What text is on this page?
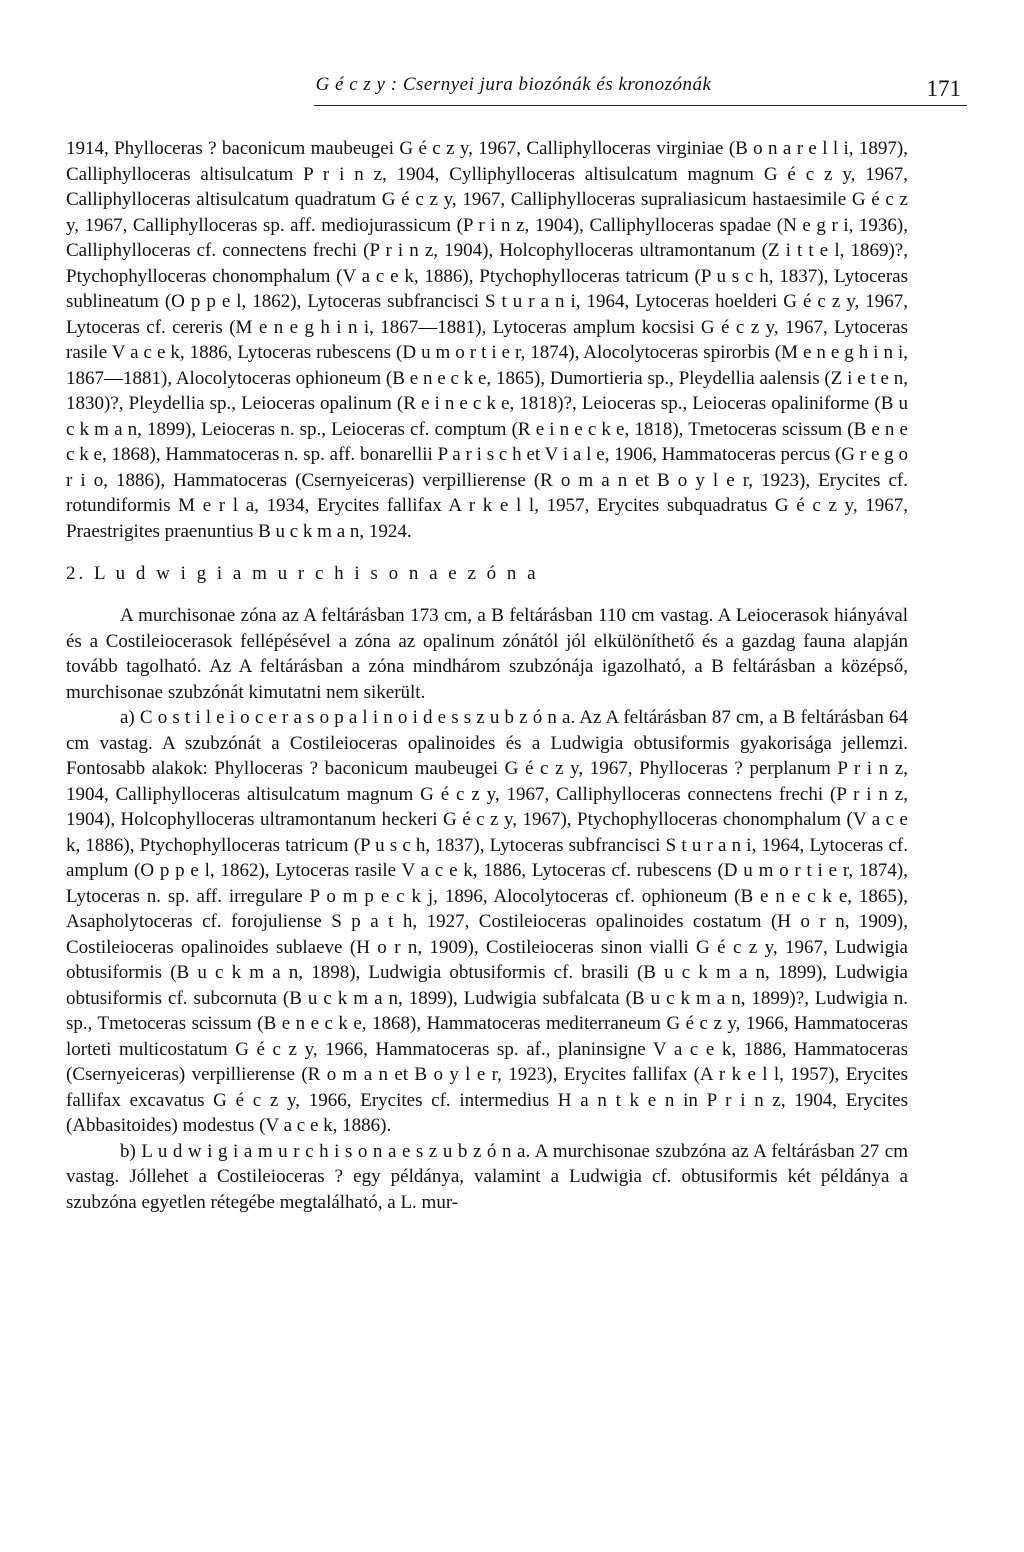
G é c z y : Csernyei jura biozónák és kronozónák	171

1914, Phylloceras ? baconicum maubeugei G é c z y, 1967, Calliphylloceras virginiae (B o n a r e l l i, 1897), Calliphylloceras altisulcatum P r i n z, 1904, Cylliphylloceras altisulcatum magnum G é c z y, 1967, Calliphylloceras altisulcatum quadratum G é c z y, 1967, Calliphylloceras supraliasicum hastaesimile G é c z y, 1967, Calliphylloceras sp. aff. mediojurassicum (P r i n z, 1904), Calliphylloceras spadae (N e g r i, 1936), Calliphylloceras cf. connectens frechi (P r i n z, 1904), Holcophylloceras ultramontanum (Z i t t e l, 1869)?, Ptychophylloceras chonomphalum (V a c e k, 1886), Ptychophylloceras tatricum (P u s c h, 1837), Lytoceras sublineatum (O p p e l, 1862), Lytoceras subfrancisci S t u r a n i, 1964, Lytoceras hoelderi G é c z y, 1967, Lytoceras cf. cereris (M e n e g h i n i, 1867—1881), Lytoceras amplum kocsisi G é c z y, 1967, Lytoceras rasile V a c e k, 1886, Lytoceras rubescens (D u m o r t i e r, 1874), Alocolytoceras spirorbis (M e n e g h i n i, 1867—1881), Alocolytoceras ophioneum (B e n e c k e, 1865), Dumortieria sp., Pleydellia aalensis (Z i e t e n, 1830)?, Pleydellia sp., Leioceras opalinum (R e i n e c k e, 1818)?, Leioceras sp., Leioceras opaliniforme (B u c k m a n, 1899), Leioceras n. sp., Leioceras cf. comptum (R e i n e c k e, 1818), Tmetoceras scissum (B e n e c k e, 1868), Hammatoceras n. sp. aff. bonarellii P a r i s c h et V i a l e, 1906, Hammatoceras percus (G r e g o r i o, 1886), Hammatoceras (Csernyeiceras) verpillierense (R o m a n et B o y l e r, 1923), Erycites cf. rotundiformis M e r l a, 1934, Erycites fallifax A r k e l l, 1957, Erycites subquadratus G é c z y, 1967, Praestrigites praenuntius B u c k m a n, 1924.

2. L u d w i g i a m u r c h i s o n a e z ó n a

A murchisonae zóna az A feltárásban 173 cm, a B feltárásban 110 cm vastag. A Leiocerasok hiányával és a Costileiocerasok fellépésével a zóna az opalinum zónától jól elkülöníthető és a gazdag fauna alapján tovább tagolható. Az A feltárásban a zóna mindhárom szubzónája igazolható, a B feltárásban a középső, murchisonae szubzónát kimutatni nem sikerült.

a) C o s t i l e i o c e r a s o p a l i n o i d e s s z u b z ó n a. Az A feltárásban 87 cm, a B feltárásban 64 cm vastag. A szubzónát a Costileioceras opalinoides és a Ludwigia obtusiformis gyakorisága jellemzi. Fontosabb alakok: Phylloceras ? baconicum maubeugei G é c z y, 1967, Phylloceras ? perplanum P r i n z, 1904, Calliphylloceras altisulcatum magnum G é c z y, 1967, Calliphylloceras connectens frechi (P r i n z, 1904), Holcophylloceras ultramontanum heckeri G é c z y, 1967), Ptychophylloceras chonomphalum (V a c e k, 1886), Ptychophylloceras tatricum (P u s c h, 1837), Lytoceras subfrancisci S t u r a n i, 1964, Lytoceras cf. amplum (O p p e l, 1862), Lytoceras rasile V a c e k, 1886, Lytoceras cf. rubescens (D u m o r t i e r, 1874), Lytoceras n. sp. aff. irregulare P o m p e c k j, 1896, Alocolytoceras cf. ophioneum (B e n e c k e, 1865), Asapholytoceras cf. forojuliense S p a t h, 1927, Costileioceras opalinoides costatum (H o r n, 1909), Costileioceras opalinoides sublaeve (H o r n, 1909), Costileioceras sinon vialli G é c z y, 1967, Ludwigia obtusiformis (B u c k m a n, 1898), Ludwigia obtusiformis cf. brasili (B u c k m a n, 1899), Ludwigia obtusiformis cf. subcornuta (B u c k m a n, 1899), Ludwigia subfalcata (B u c k m a n, 1899)?, Ludwigia n. sp., Tmetoceras scissum (B e n e c k e, 1868), Hammatoceras mediterraneum G é c z y, 1966, Hammatoceras lorteti multicostatum G é c z y, 1966, Hammatoceras sp. af., planinsigne V a c e k, 1886, Hammatoceras (Csernyeiceras) verpillierense (R o m a n et B o y l e r, 1923), Erycites fallifax (A r k e l l, 1957), Erycites fallifax excavatus G é c z y, 1966, Erycites cf. intermedius H a n t k e n in P r i n z, 1904, Erycites (Abbasitoides) modestus (V a c e k, 1886).

b) L u d w i g i a m u r c h i s o n a e s z u b z ó n a. A murchisonae szubzóna az A feltárásban 27 cm vastag. Jóllehet a Costileioceras ? egy példánya, valamint a Ludwigia cf. obtusiformis két példánya a szubzóna egyetlen rétegébe megtalálható, a L. mur-
